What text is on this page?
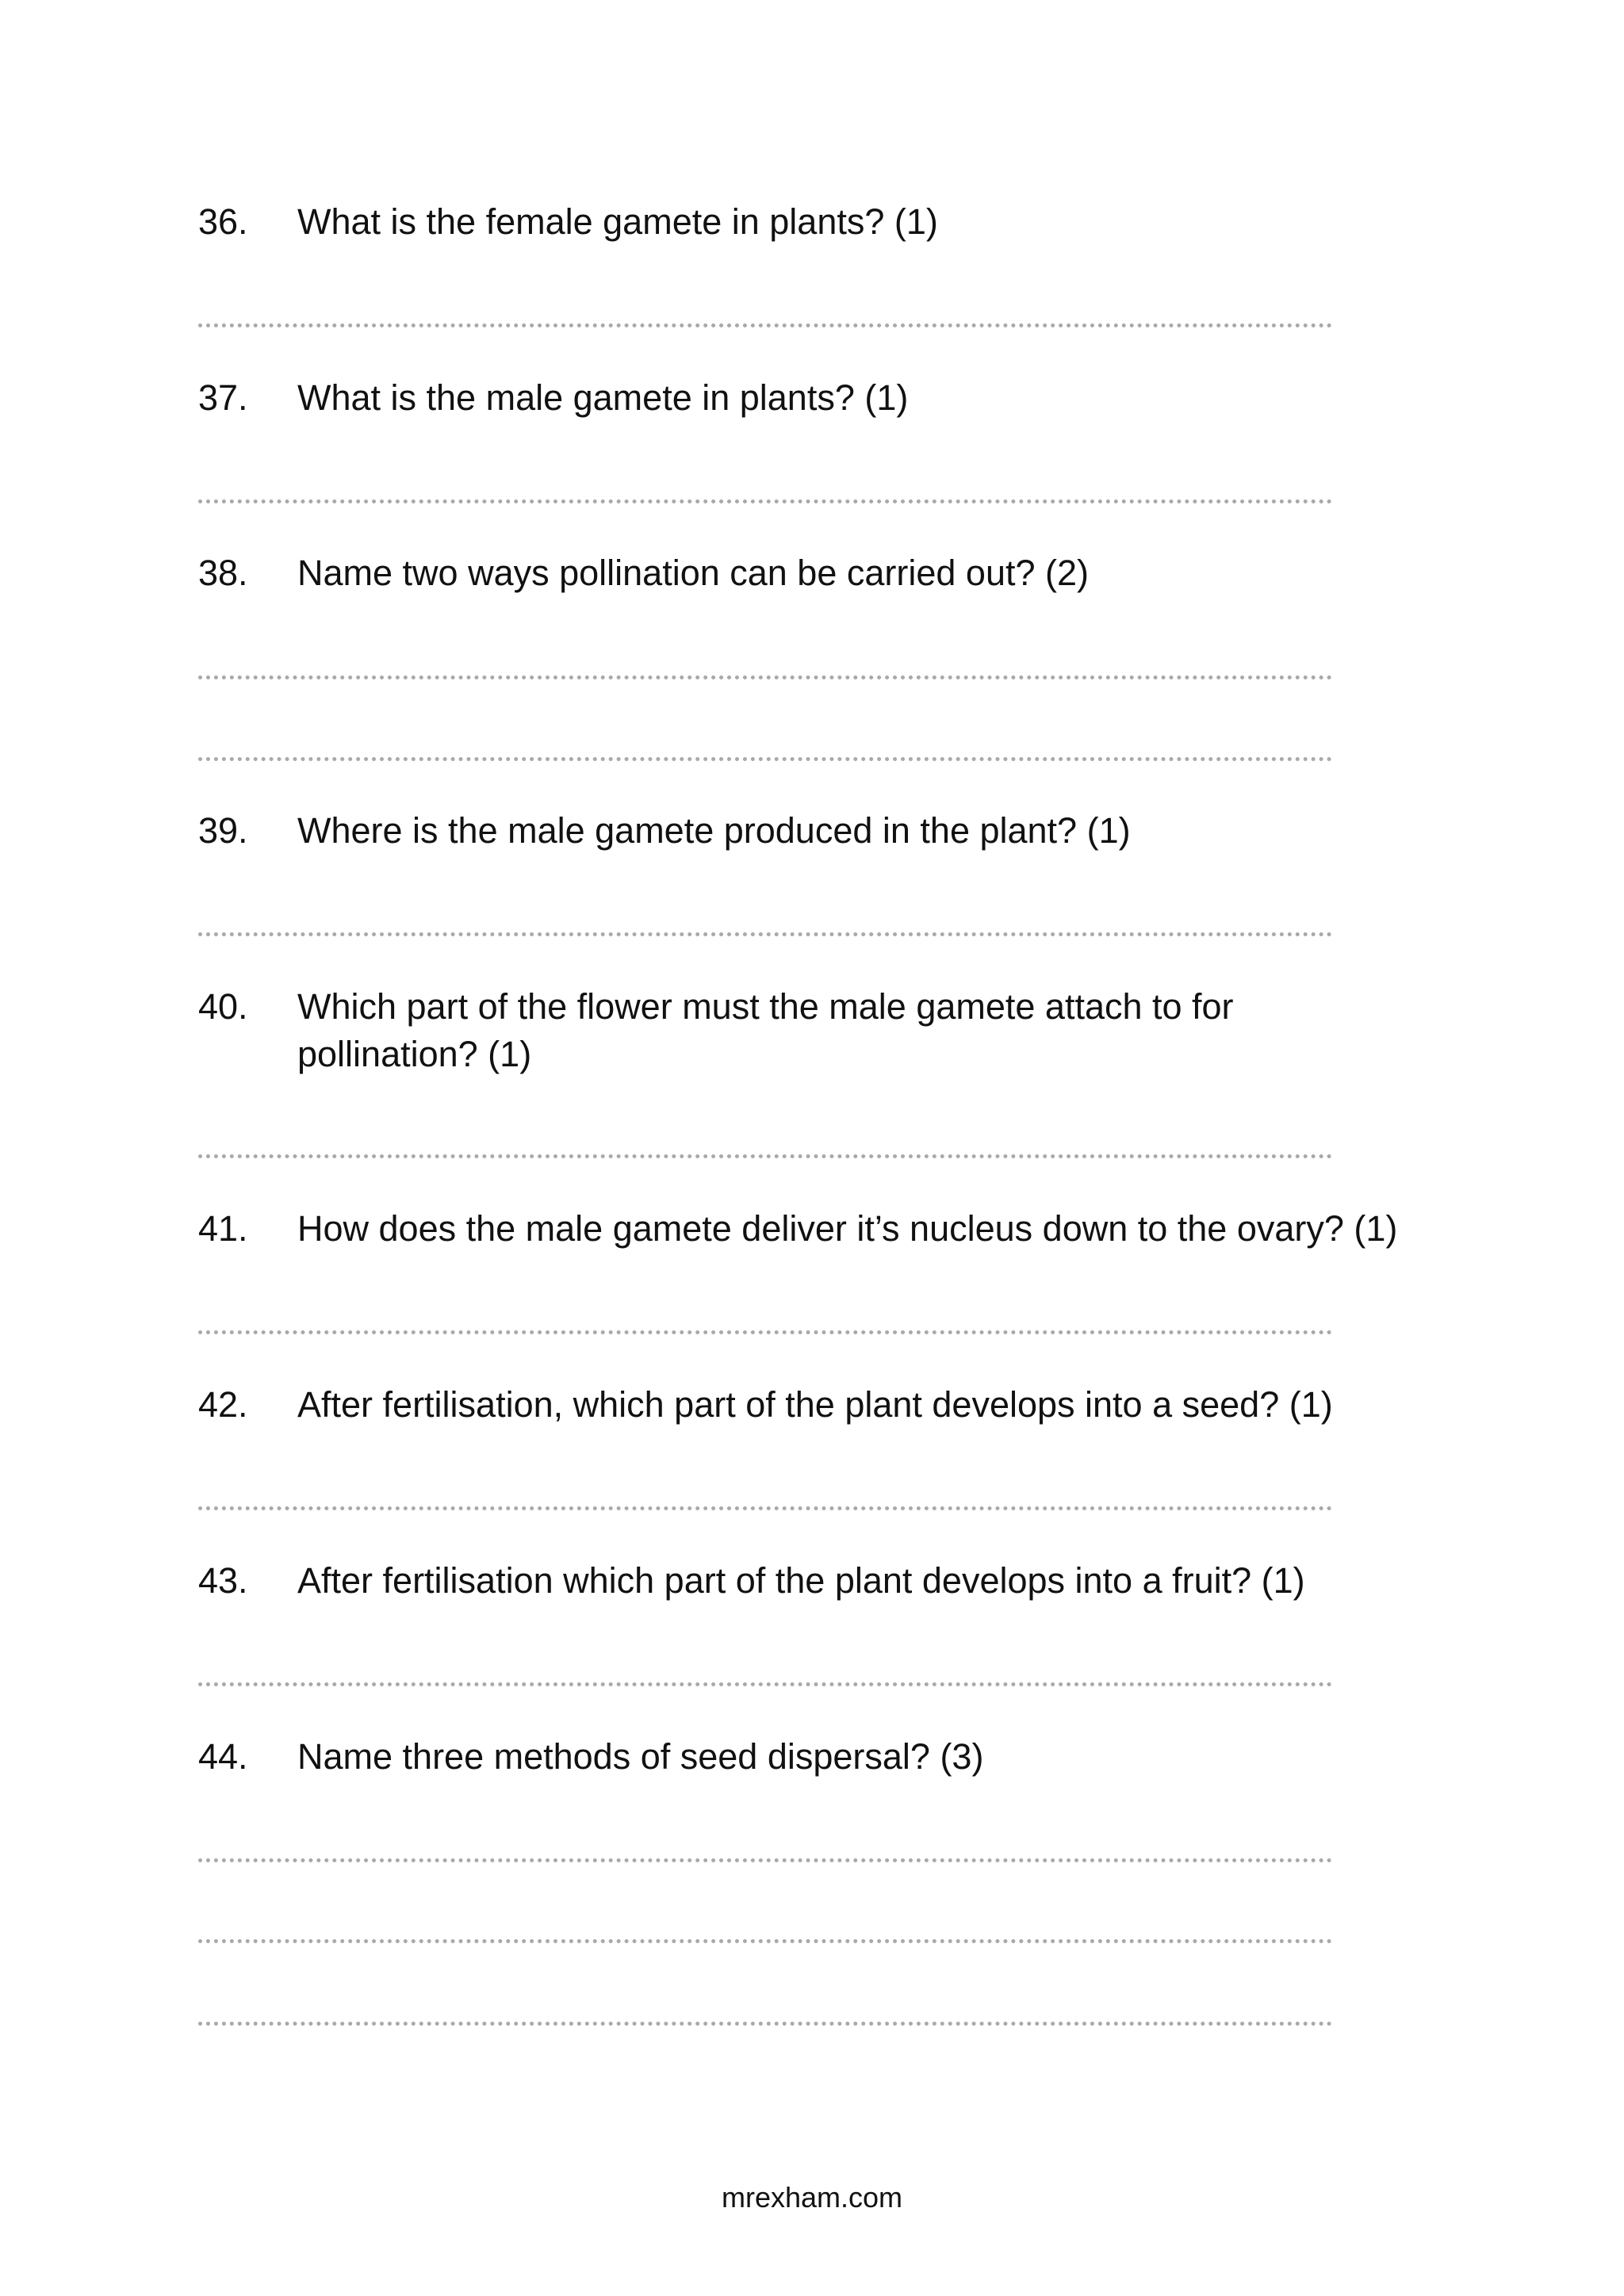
36. What is the female gamete in plants? (1)
37. What is the male gamete in plants? (1)
38. Name two ways pollination can be carried out? (2)
39. Where is the male gamete produced in the plant? (1)
40. Which part of the flower must the male gamete attach to for pollination? (1)
41. How does the male gamete deliver it’s nucleus down to the ovary? (1)
42. After fertilisation, which part of the plant develops into a seed? (1)
43. After fertilisation which part of the plant develops into a fruit? (1)
44. Name three methods of seed dispersal? (3)
mrexham.com
